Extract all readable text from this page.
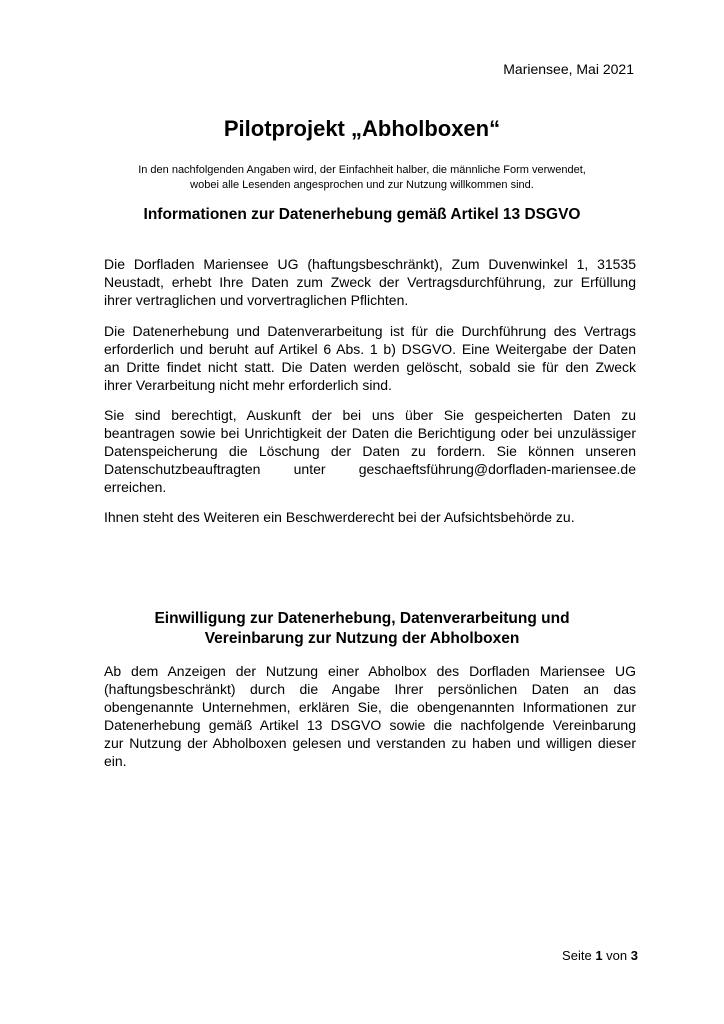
Mariensee, Mai 2021
Pilotprojekt „Abholboxen“
In den nachfolgenden Angaben wird, der Einfachheit halber, die männliche Form verwendet,
wobei alle Lesenden angesprochen und zur Nutzung willkommen sind.
Informationen zur Datenerhebung gemäß Artikel 13 DSGVO
Die Dorfladen Mariensee UG (haftungsbeschränkt), Zum Duvenwinkel 1, 31535
Neustadt, erhebt Ihre Daten zum Zweck der Vertragsdurchführung, zur Erfüllung
ihrer vertraglichen und vorvertraglichen Pflichten.
Die Datenerhebung und Datenverarbeitung ist für die Durchführung des Vertrags
erforderlich und beruht auf Artikel 6 Abs. 1 b) DSGVO. Eine Weitergabe der Daten
an Dritte findet nicht statt. Die Daten werden gelöscht, sobald sie für den Zweck
ihrer Verarbeitung nicht mehr erforderlich sind.
Sie sind berechtigt, Auskunft der bei uns über Sie gespeicherten Daten zu
beantragen sowie bei Unrichtigkeit der Daten die Berichtigung oder bei unzulässiger
Datenspeicherung die Löschung der Daten zu fordern. Sie können unseren
Datenschutzbeauftragten unter geschaeftsführung@dorfladen-mariensee.de
erreichen.
Ihnen steht des Weiteren ein Beschwerderecht bei der Aufsichtsbehörde zu.
Einwilligung zur Datenerhebung, Datenverarbeitung und
Vereinbarung zur Nutzung der Abholboxen
Ab dem Anzeigen der Nutzung einer Abholbox des Dorfladen Mariensee UG
(haftungsbeschränkt) durch die Angabe Ihrer persönlichen Daten an das
obengenannte Unternehmen, erklären Sie, die obengenannten Informationen zur
Datenerhebung gemäß Artikel 13 DSGVO sowie die nachfolgende Vereinbarung
zur Nutzung der Abholboxen gelesen und verstanden zu haben und willigen dieser
ein.
Seite 1 von 3
